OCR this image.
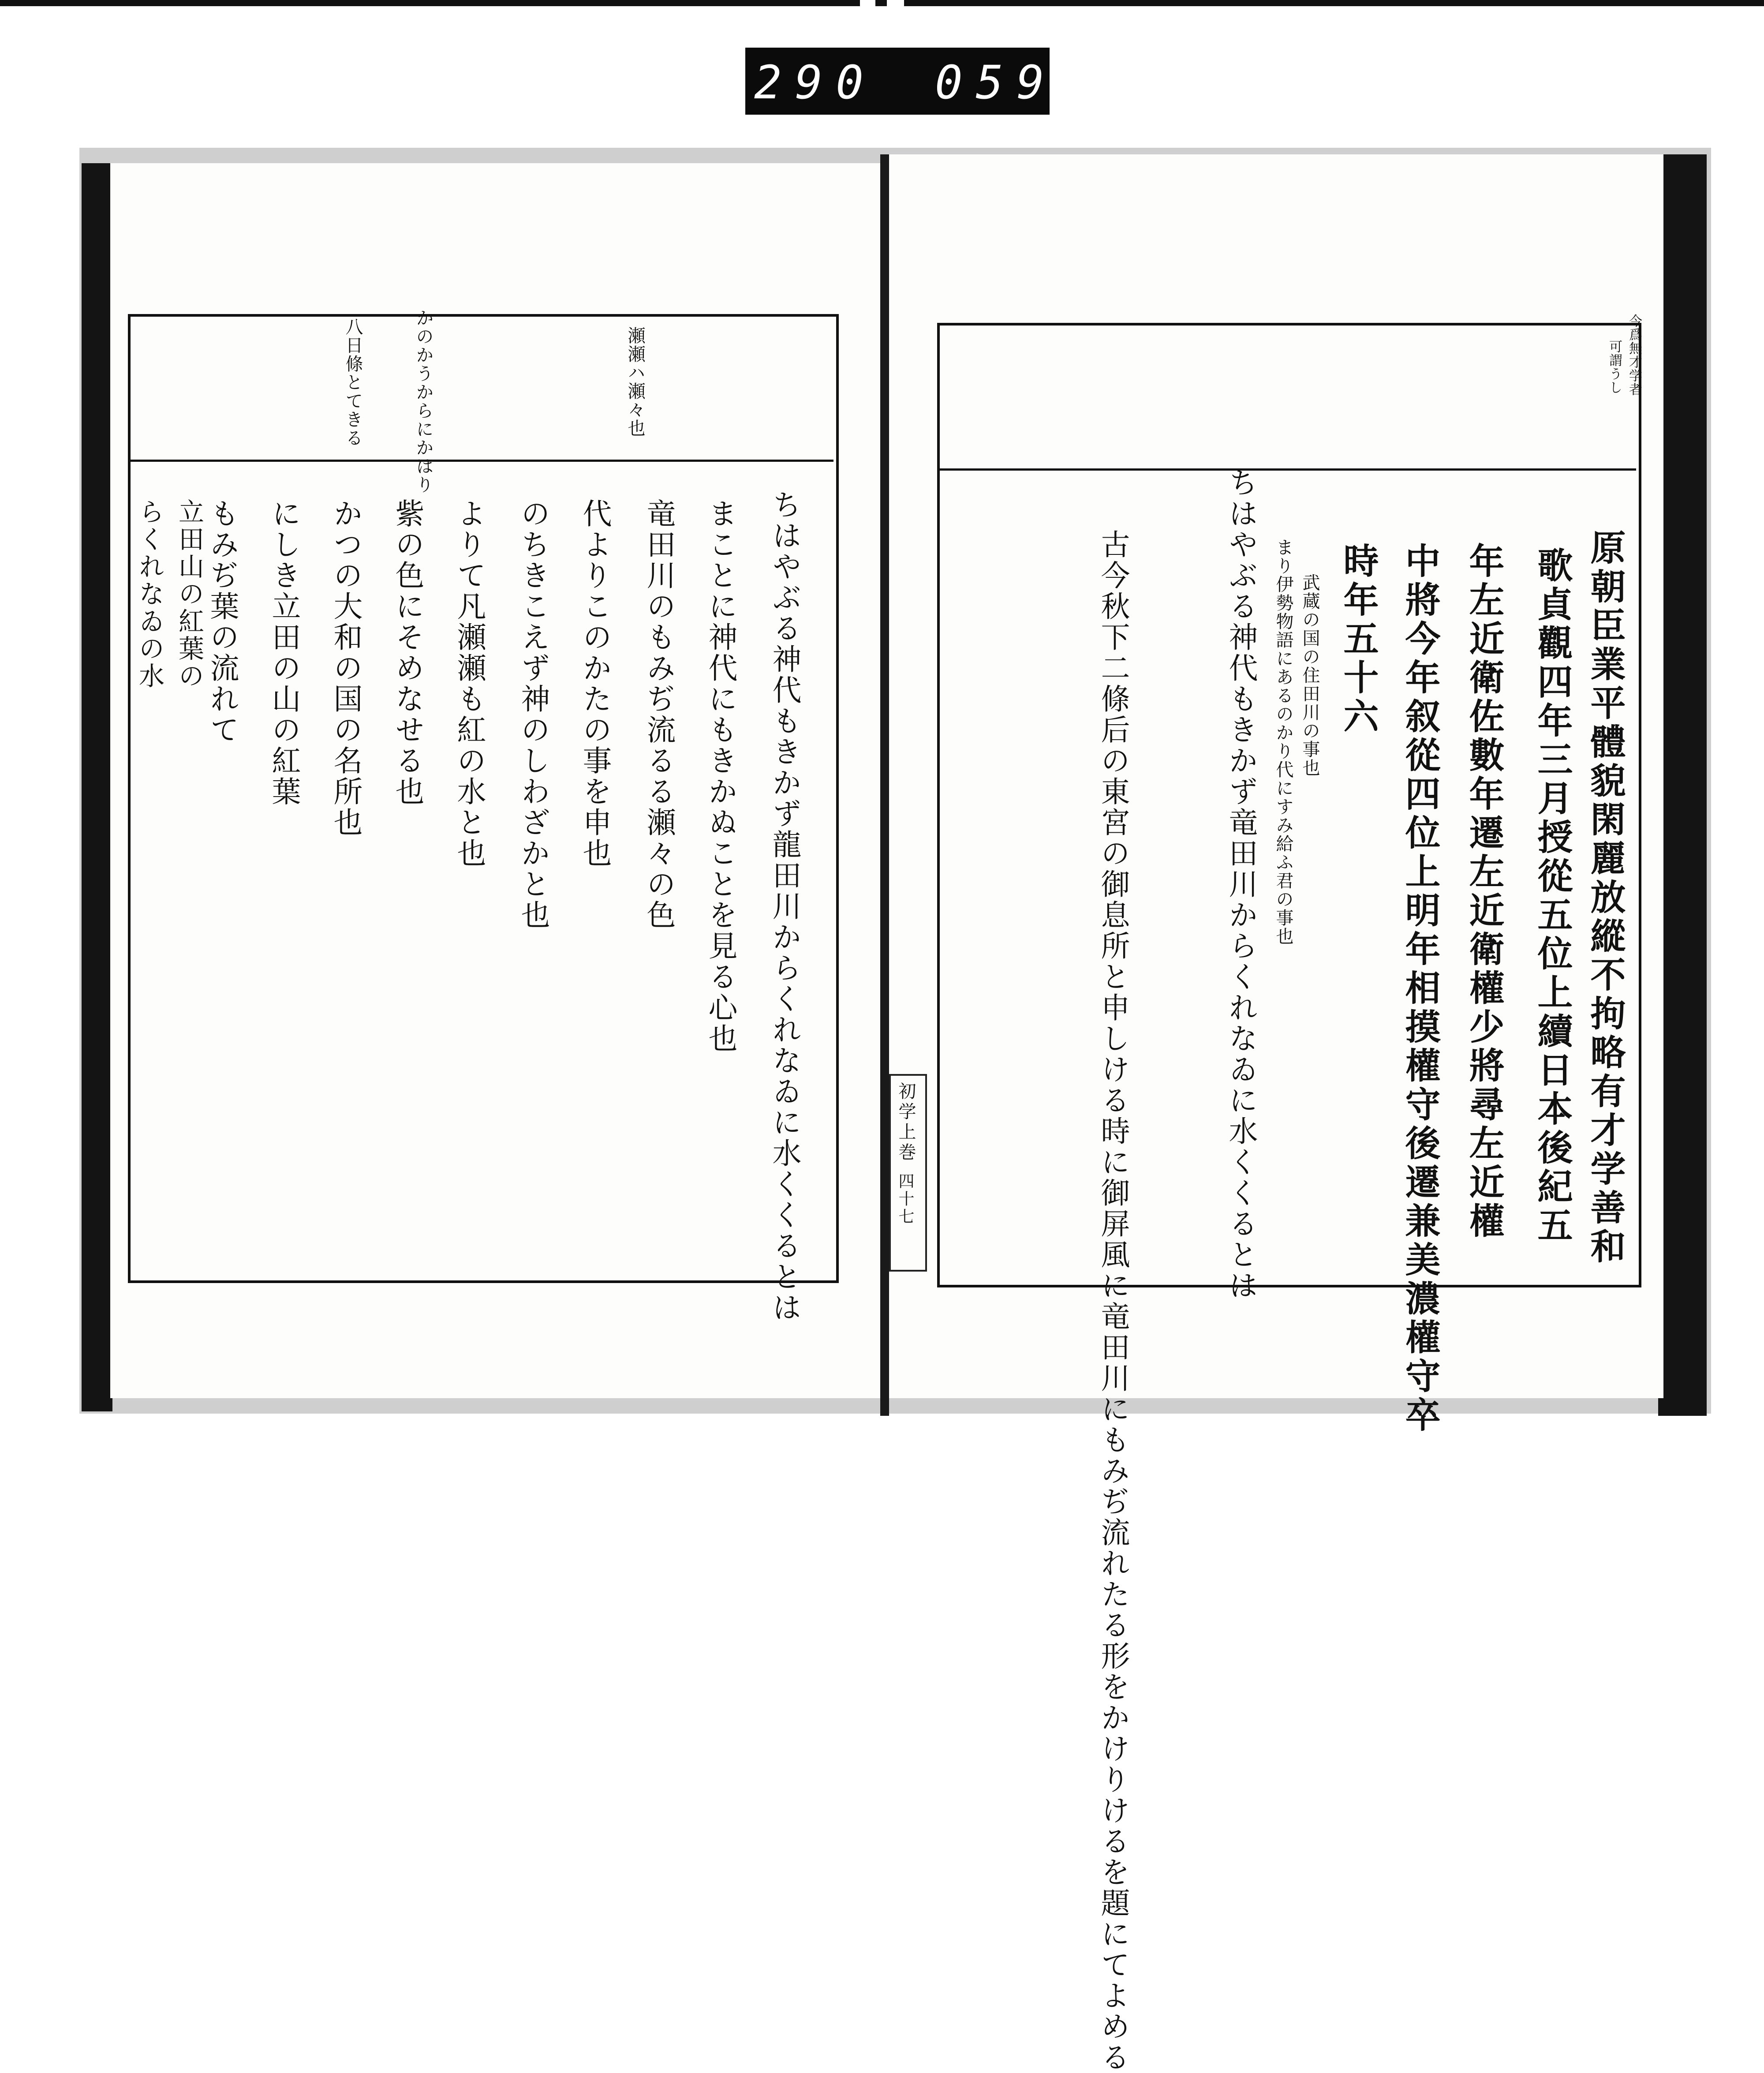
290 059
瀬瀬ハ瀬々也
かのかうからにかはり
八日條とてきる
ちはやぶる神代もきかず龍田川からくれなゐに水くくるとは
まことに神代にもきかぬことを見る心也
竜田川のもみぢ流るる瀬々の色
代よりこのかたの事を申也
のちきこえず神のしわざかと也
よりて凡瀬瀬も紅の水と也
紫の色にそめなせる也
かつの大和の国の名所也
にしき立田の山の紅葉
もみぢ葉の流れて
立田山の紅葉の
らくれなゐの水
今爲無才学者
可謂うし
原朝臣業平體貌閑麗放縱不拘略有才学善和
歌貞觀四年三月授從五位上續日本後紀五
年左近衛佐數年遷左近衛權少將尋左近權
中將今年叙從四位上明年相摸權守後遷兼美濃權守卒
時年五十六
武蔵の国の住田川の事也
まり伊勢物語にあるのかり代にすみ給ふ君の事也
ちはやぶる神代もきかず竜田川からくれなゐに水くくるとは
古今秋下二條后の東宮の御息所と申しける時に御屏風に竜田川にもみぢ流れたる形をかけりけるを題にてよめる
初学上巻
四十七
